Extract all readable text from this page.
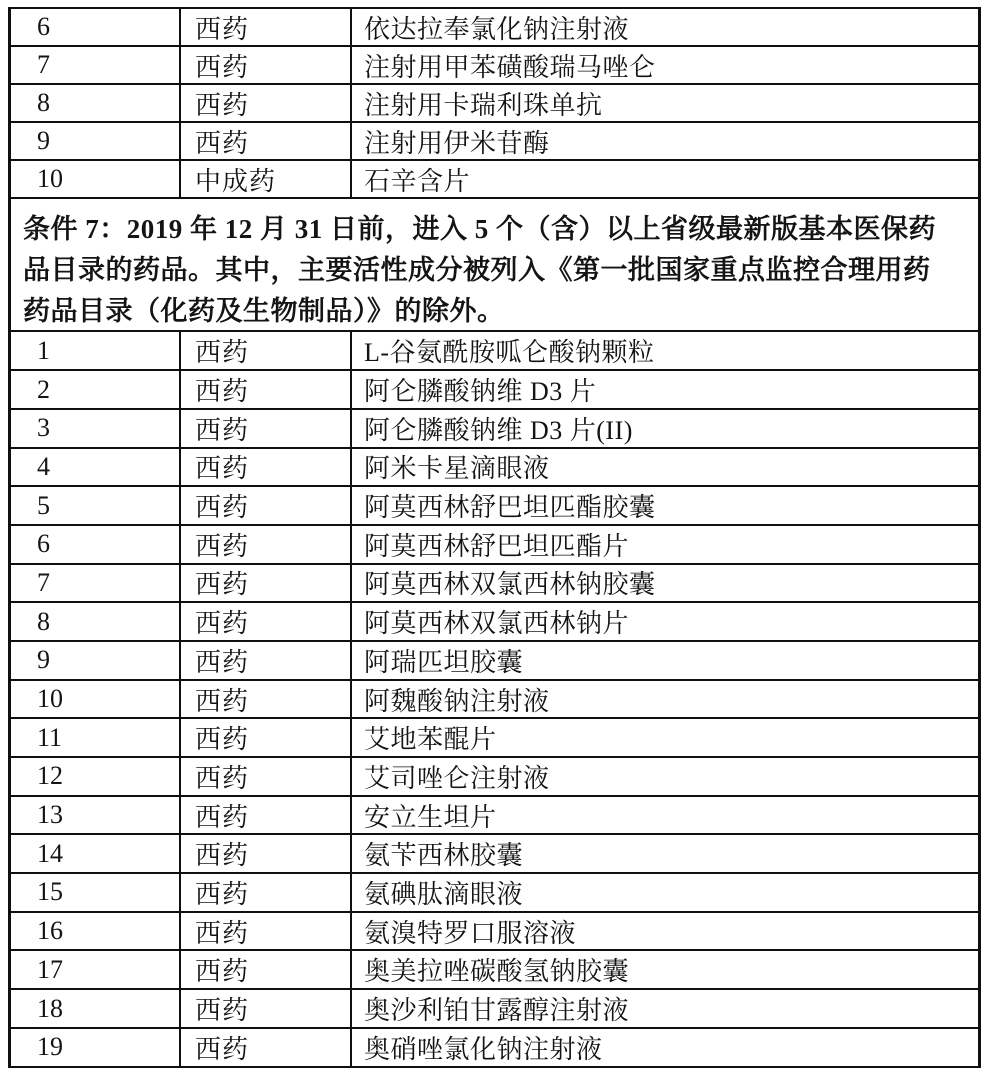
6	西药	依达拉奉氯化钠注射液
7	西药	注射用甲苯磺酸瑞马唑仑
8	西药	注射用卡瑞利珠单抗
9	西药	注射用伊米苷酶
10	中成药	石辛含片
条件 7：2019 年 12 月 31 日前，进入 5 个（含）以上省级最新版基本医保药
品目录的药品。其中，主要活性成分被列入《第一批国家重点监控合理用药
药品目录（化药及生物制品）》的除外。
1	西药	L-谷氨酰胺呱仑酸钠颗粒
2	西药	阿仑膦酸钠维 D3 片
3	西药	阿仑膦酸钠维 D3 片(II)
4	西药	阿米卡星滴眼液
5	西药	阿莫西林舒巴坦匹酯胶囊
6	西药	阿莫西林舒巴坦匹酯片
7	西药	阿莫西林双氯西林钠胶囊
8	西药	阿莫西林双氯西林钠片
9	西药	阿瑞匹坦胶囊
10	西药	阿魏酸钠注射液
11	西药	艾地苯醌片
12	西药	艾司唑仑注射液
13	西药	安立生坦片
14	西药	氨苄西林胶囊
15	西药	氨碘肽滴眼液
16	西药	氨溴特罗口服溶液
17	西药	奥美拉唑碳酸氢钠胶囊
18	西药	奥沙利铂甘露醇注射液
19	西药	奥硝唑氯化钠注射液
